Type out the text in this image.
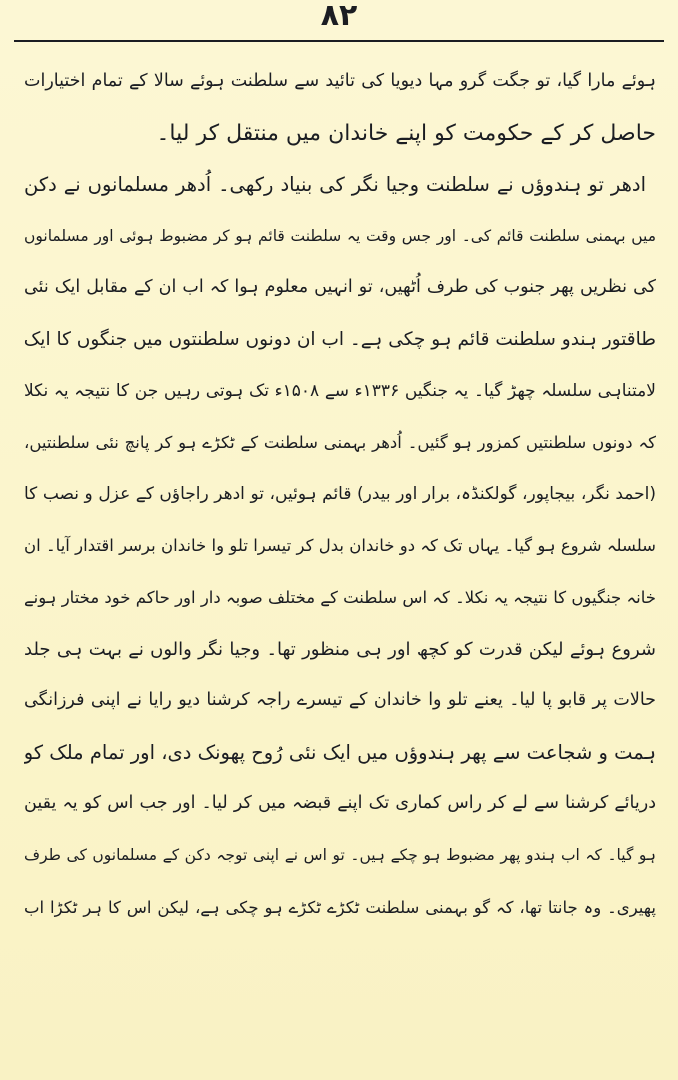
۸۲
ہوئے مارا گیا، تو جگت گرو مہا دیویا کی تائید سے سلطنت ہوئے سالا کے تمام اختیارات
حاصل کر کے حکومت کو اپنے خاندان میں منتقل کر لیا۔
ادھر تو ہندوؤں نے سلطنت وجیا نگر کی بنیاد رکھی۔ اُدھر مسلمانوں نے دکن
میں بہمنی سلطنت قائم کی۔ اور جس وقت یہ سلطنت قائم ہو کر مضبوط ہوئی اور مسلمانوں
کی نظریں پھر جنوب کی طرف اُٹھیں، تو انہیں معلوم ہوا کہ اب ان کے مقابل ایک نئی
طاقتور ہندو سلطنت قائم ہو چکی ہے۔ اب ان دونوں سلطنتوں میں جنگوں کا ایک
لامتناہی سلسلہ چھڑ گیا۔ یہ جنگیں ۱۳۳۶ء سے ۱۵۰۸ء تک ہوتی رہیں جن کا نتیجہ یہ نکلا
کہ دونوں سلطنتیں کمزور ہو گئیں۔ اُدھر بہمنی سلطنت کے ٹکڑے ہو کر پانچ نئی سلطنتیں،
(احمد نگر، بیجاپور، گولکنڈہ، برار اور بیدر) قائم ہوئیں، تو ادھر راجاؤں کے عزل و نصب کا
سلسلہ شروع ہو گیا۔ یہاں تک کہ دو خاندان بدل کر تیسرا تلو وا خاندان برسر اقتدار آیا۔ ان
خانہ جنگیوں کا نتیجہ یہ نکلا۔ کہ اس سلطنت کے مختلف صوبہ دار اور حاکم خود مختار ہونے
شروع ہوئے لیکن قدرت کو کچھ اور ہی منظور تھا۔ وجیا نگر والوں نے بہت ہی جلد
حالات پر قابو پا لیا۔ یعنے تلو وا خاندان کے تیسرے راجہ کرشنا دیو رایا نے اپنی فرزانگی
ہمت و شجاعت سے پھر ہندوؤں میں ایک نئی رُوح پھونک دی، اور تمام ملک کو
دریائے کرشنا سے لے کر راس کماری تک اپنے قبضہ میں کر لیا۔ اور جب اس کو یہ یقین
ہو گیا۔ کہ اب ہندو پھر مضبوط ہو چکے ہیں۔ تو اس نے اپنی توجہ دکن کے مسلمانوں کی طرف
پھیری۔ وہ جانتا تھا، کہ گو بہمنی سلطنت ٹکڑے ٹکڑے ہو چکی ہے، لیکن اس کا ہر ٹکڑا اب
